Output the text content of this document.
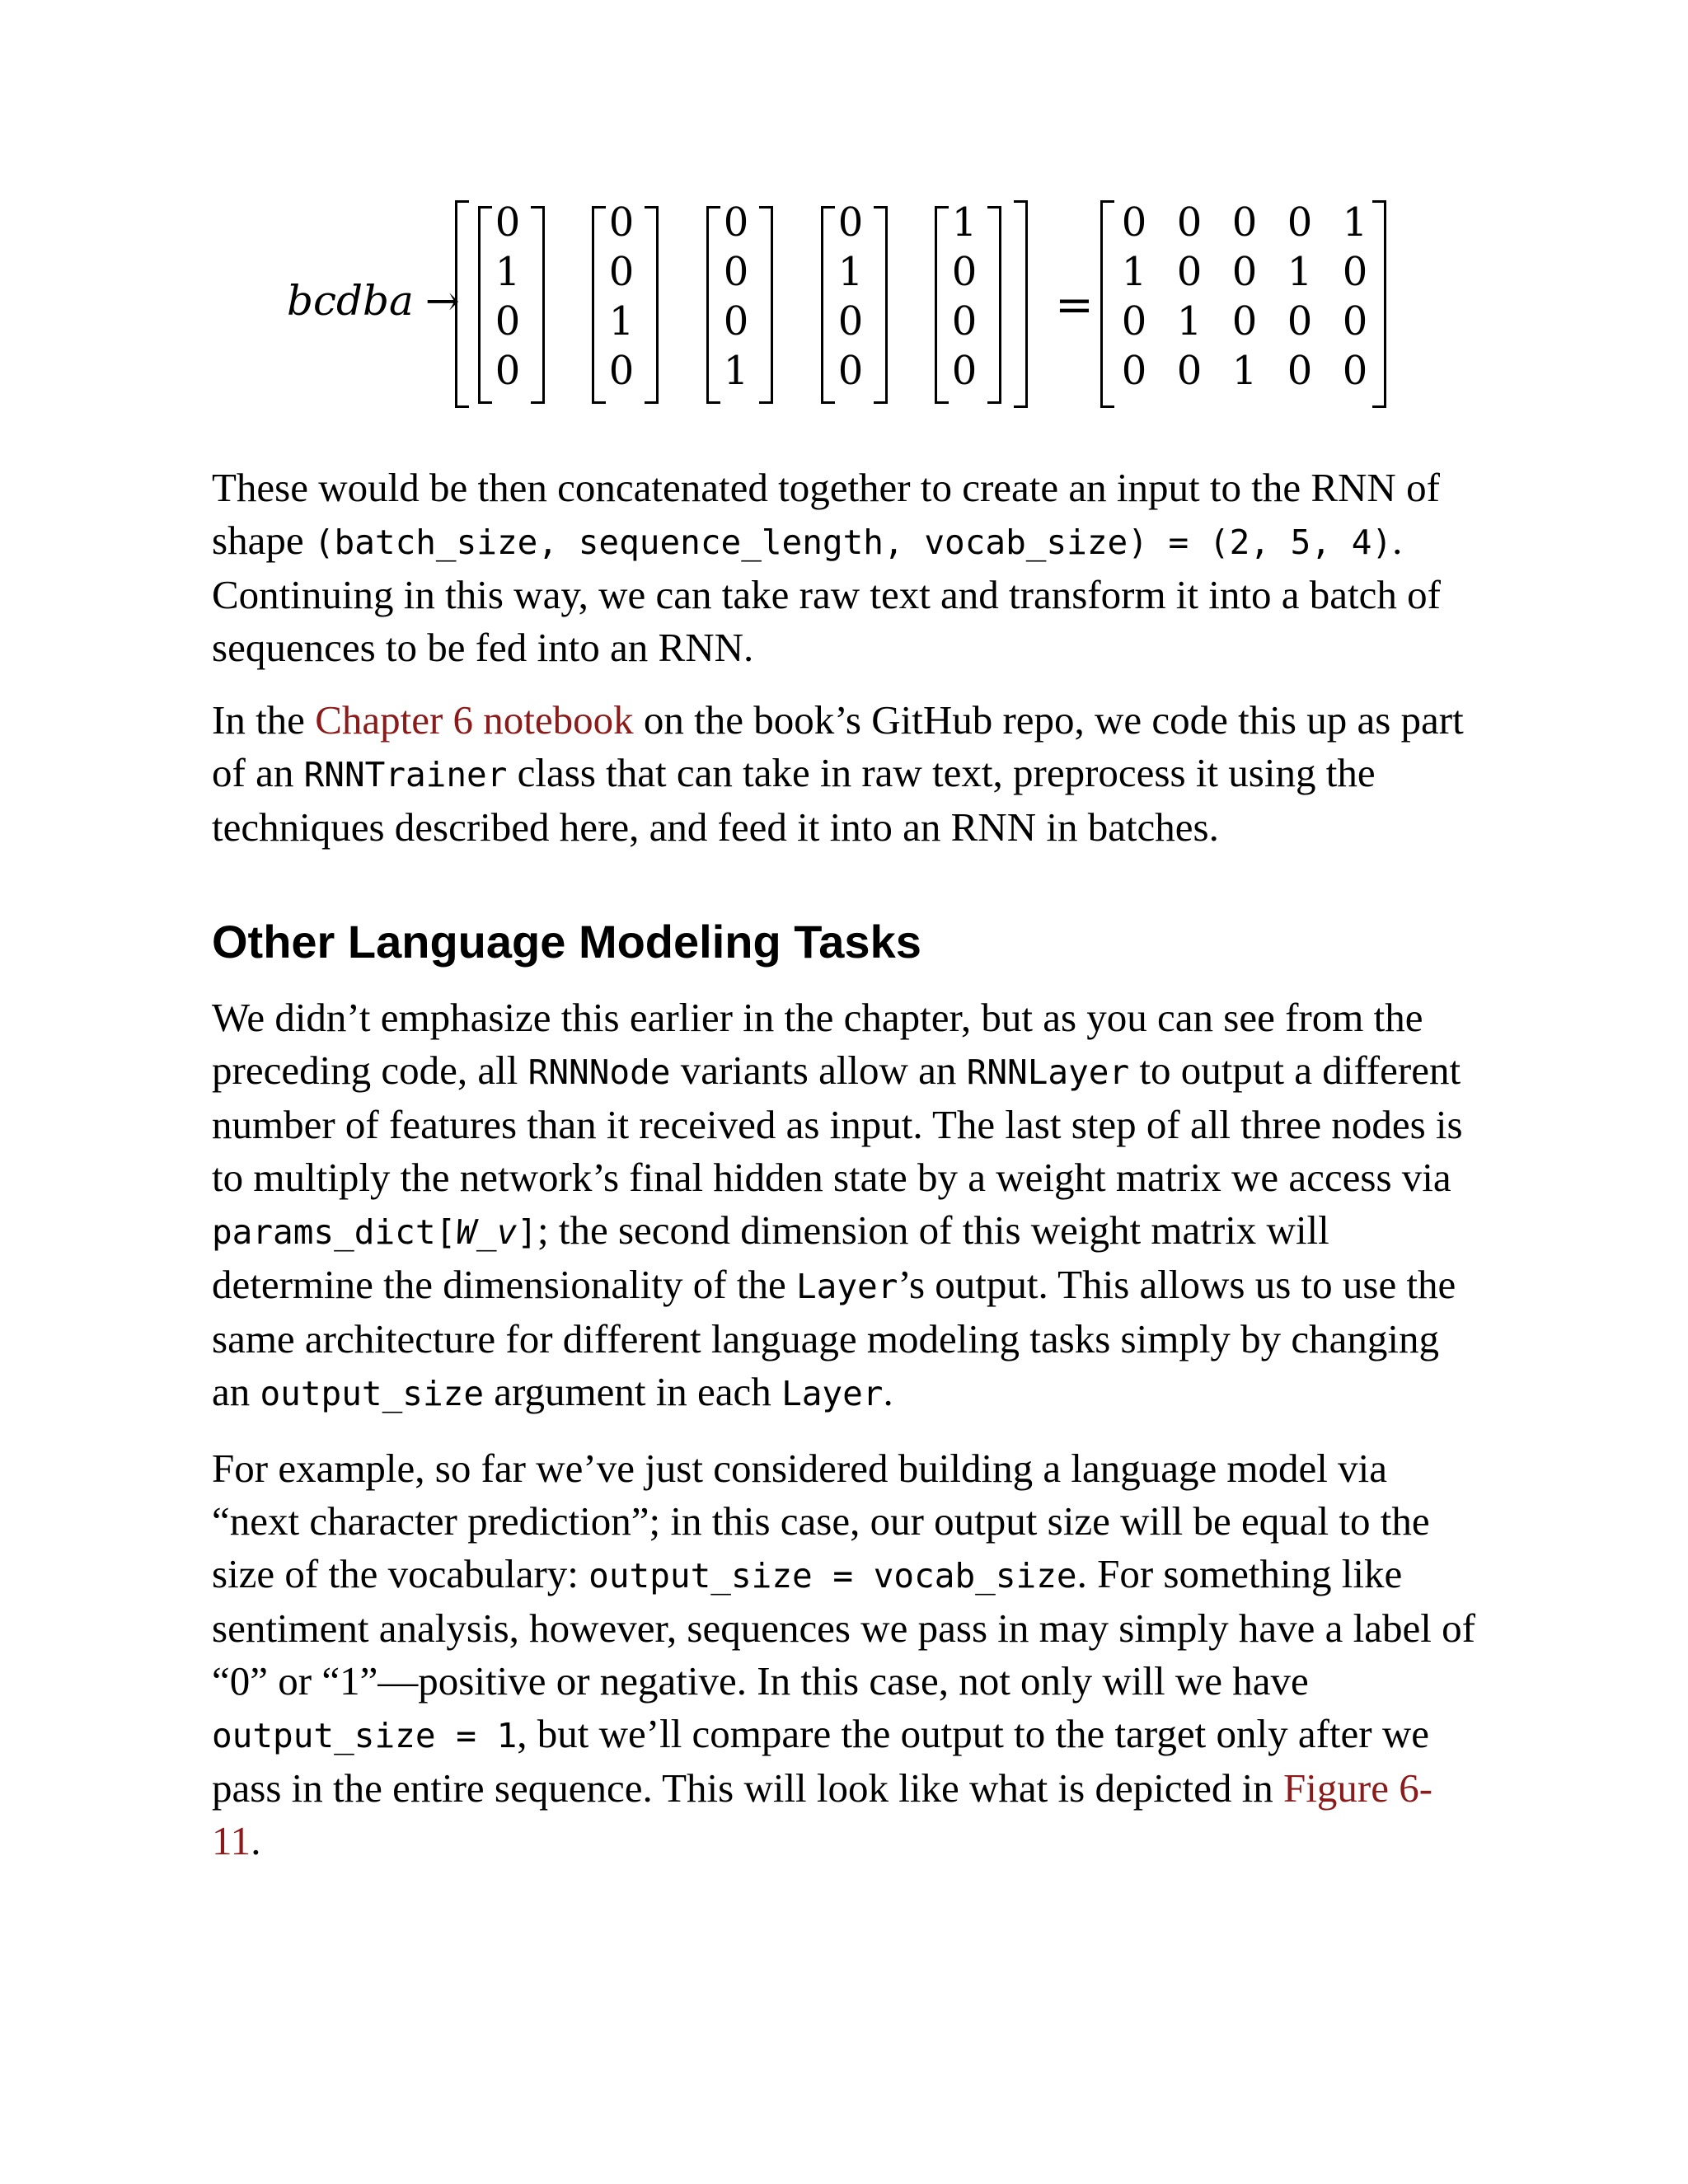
bcdba →
0
1
0
0
0
0
1
0
0
0
0
1
0
1
0
0
1
0
0
0
0 0 0 0 1
1 0 0 1 0
0 1 0 0 0
0 0 1 0 0
=

These would be then concatenated together to create an input to the RNN of shape (batch_size, sequence_length, vocab_size) = (2, 5, 4). Continuing in this way, we can take raw text and transform it into a batch of sequences to be fed into an RNN.

In the Chapter 6 notebook on the book’s GitHub repo, we code this up as part of an RNNTrainer class that can take in raw text, preprocess it using the techniques described here, and feed it into an RNN in batches.

Other Language Modeling Tasks

We didn’t emphasize this earlier in the chapter, but as you can see from the preceding code, all RNNNode variants allow an RNNLayer to output a different number of features than it received as input. The last step of all three nodes is to multiply the network’s final hidden state by a weight matrix we access via params_dict[W_v]; the second dimension of this weight matrix will determine the dimensionality of the Layer’s output. This allows us to use the same architecture for different language modeling tasks simply by changing an output_size argument in each Layer.

For example, so far we’ve just considered building a language model via “next character prediction”; in this case, our output size will be equal to the size of the vocabulary: output_size = vocab_size. For something like sentiment analysis, however, sequences we pass in may simply have a label of “0” or “1”—positive or negative. In this case, not only will we have output_size = 1, but we’ll compare the output to the target only after we pass in the entire sequence. This will look like what is depicted in Figure 6-11.
